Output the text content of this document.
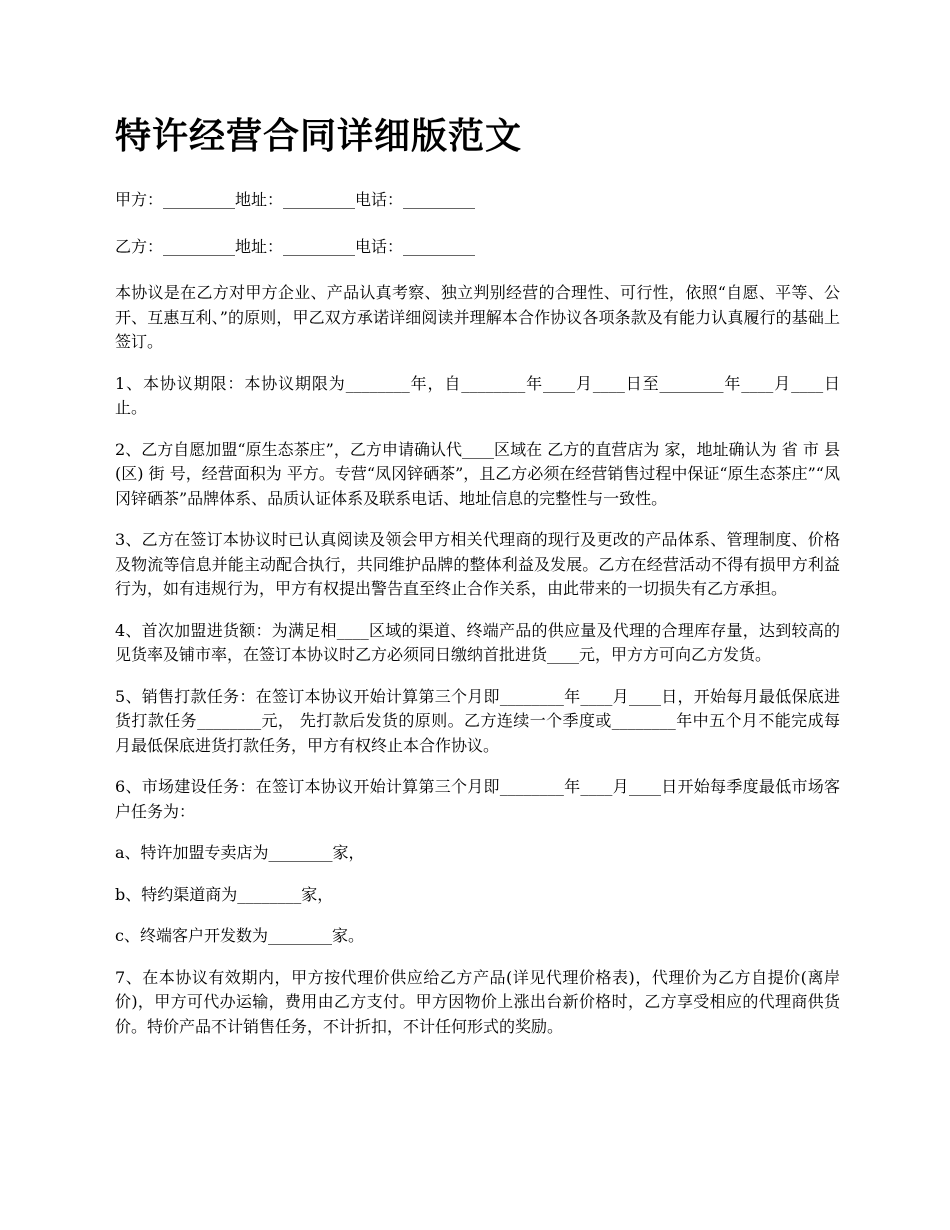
特许经营合同详细版范文

甲方：_________地址：_________电话：_________

乙方：_________地址：_________电话：_________

本协议是在乙方对甲方企业、产品认真考察、独立判别经营的合理性、可行性，依照“自愿、平等、公开、互惠互利、”的原则，甲乙双方承诺详细阅读并理解本合作协议各项条款及有能力认真履行的基础上签订。

1、本协议期限：本协议期限为________年，自________年____月____日至________年____月____日止。

2、乙方自愿加盟“原生态茶庄”，乙方申请确认代____区域在 乙方的直营店为 家，地址确认为 省 市 县(区) 街 号，经营面积为 平方。专营“凤冈锌硒茶”，且乙方必须在经营销售过程中保证“原生态茶庄”“凤冈锌硒茶”品牌体系、品质认证体系及联系电话、地址信息的完整性与一致性。

3、乙方在签订本协议时已认真阅读及领会甲方相关代理商的现行及更改的产品体系、管理制度、价格及物流等信息并能主动配合执行，共同维护品牌的整体利益及发展。乙方在经营活动不得有损甲方利益行为，如有违规行为，甲方有权提出警告直至终止合作关系，由此带来的一切损失有乙方承担。

4、首次加盟进货额：为满足相____区域的渠道、终端产品的供应量及代理的合理库存量，达到较高的见货率及铺市率，在签订本协议时乙方必须同日缴纳首批进货____元，甲方方可向乙方发货。

5、销售打款任务：在签订本协议开始计算第三个月即________年____月____日，开始每月最低保底进货打款任务________元， 先打款后发货的原则。乙方连续一个季度或________年中五个月不能完成每月最低保底进货打款任务，甲方有权终止本合作协议。

6、市场建设任务：在签订本协议开始计算第三个月即________年____月____日开始每季度最低市场客户任务为：

a、特许加盟专卖店为________家，

b、特约渠道商为________家，

c、终端客户开发数为________家。

7、在本协议有效期内，甲方按代理价供应给乙方产品(详见代理价格表)，代理价为乙方自提价(离岸价)，甲方可代办运输，费用由乙方支付。甲方因物价上涨出台新价格时，乙方享受相应的代理商供货价。特价产品不计销售任务，不计折扣，不计任何形式的奖励。
